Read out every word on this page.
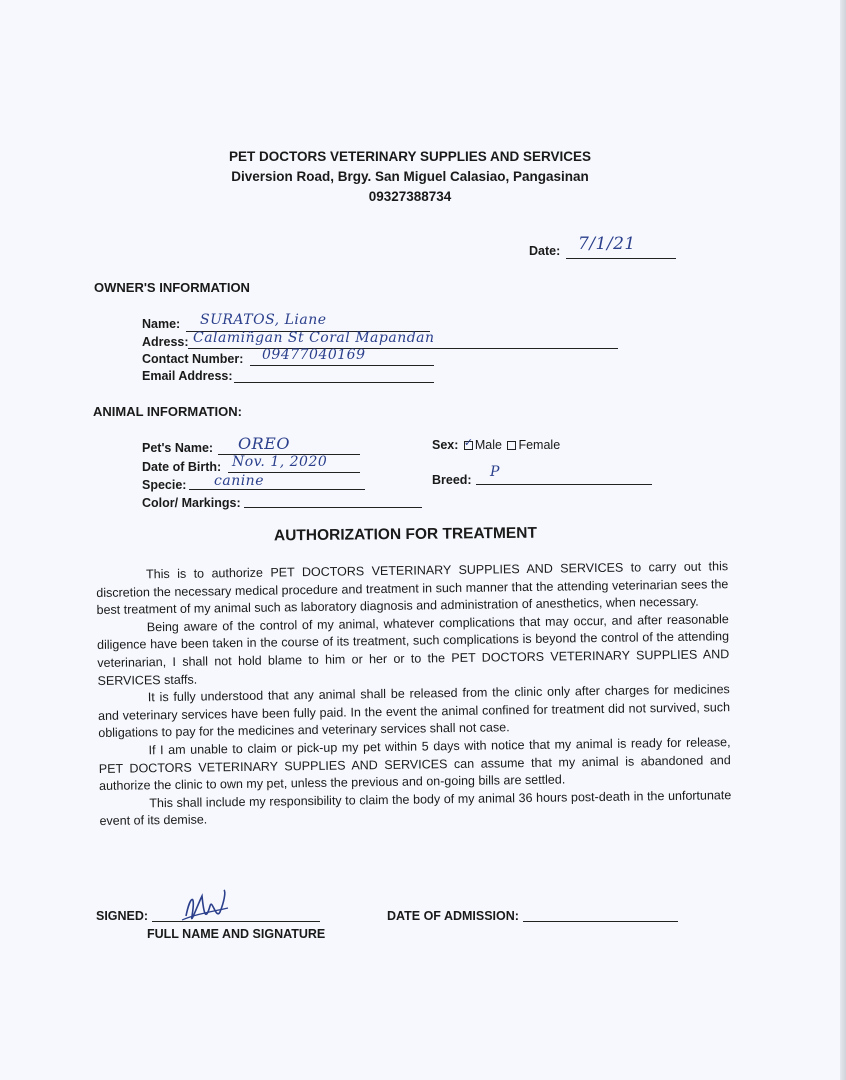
PET DOCTORS VETERINARY SUPPLIES AND SERVICES
Diversion Road, Brgy. San Miguel Calasiao, Pangasinan
09327388734
Date: 7/1/21
OWNER'S INFORMATION
Name: SURATOS, Liane
Adress: Calamiñgan St Coral Mapandan
Contact Number: 09477040169
Email Address:
ANIMAL INFORMATION:
Pet's Name: OREO
Date of Birth: Nov. 1, 2020
Specie: canine
Color/ Markings:
Sex: ✓ Male Female
Breed: P
AUTHORIZATION FOR TREATMENT

This is to authorize PET DOCTORS VETERINARY SUPPLIES AND SERVICES to carry out this discretion the necessary medical procedure and treatment in such manner that the attending veterinarian sees the best treatment of my animal such as laboratory diagnosis and administration of anesthetics, when necessary.

Being aware of the control of my animal, whatever complications that may occur, and after reasonable diligence have been taken in the course of its treatment, such complications is beyond the control of the attending veterinarian, I shall not hold blame to him or her or to the PET DOCTORS VETERINARY SUPPLIES AND SERVICES staffs.

It is fully understood that any animal shall be released from the clinic only after charges for medicines and veterinary services have been fully paid. In the event the animal confined for treatment did not survived, such obligations to pay for the medicines and veterinary services shall not case.

If I am unable to claim or pick-up my pet within 5 days with notice that my animal is ready for release, PET DOCTORS VETERINARY SUPPLIES AND SERVICES can assume that my animal is abandoned and authorize the clinic to own my pet, unless the previous and on-going bills are settled.

This shall include my responsibility to claim the body of my animal 36 hours post-death in the unfortunate event of its demise.

SIGNED:
FULL NAME AND SIGNATURE
DATE OF ADMISSION:
